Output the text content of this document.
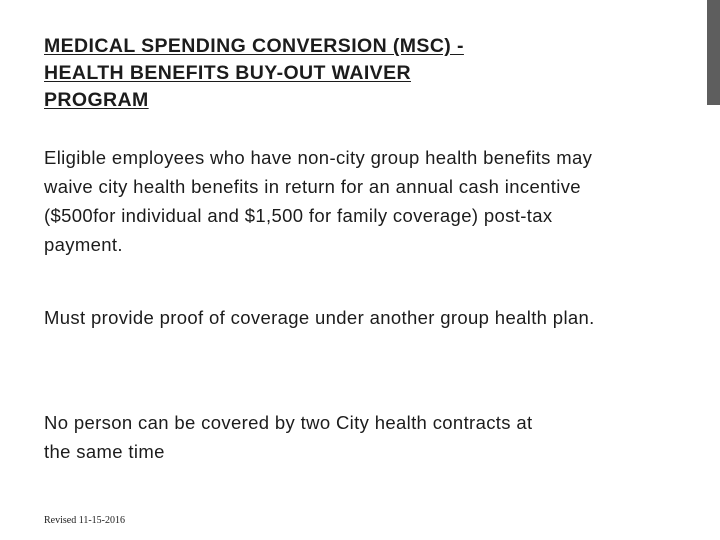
MEDICAL SPENDING CONVERSION (MSC) - HEALTH BENEFITS BUY-OUT WAIVER PROGRAM

Eligible employees who have non-city group health benefits may waive city health benefits in return for an annual cash incentive ($500for individual and $1,500 for family coverage) post-tax payment.

Must provide proof of coverage under another group health plan.

No person can be covered by two City health contracts at the same time

Revised 11-15-2016
